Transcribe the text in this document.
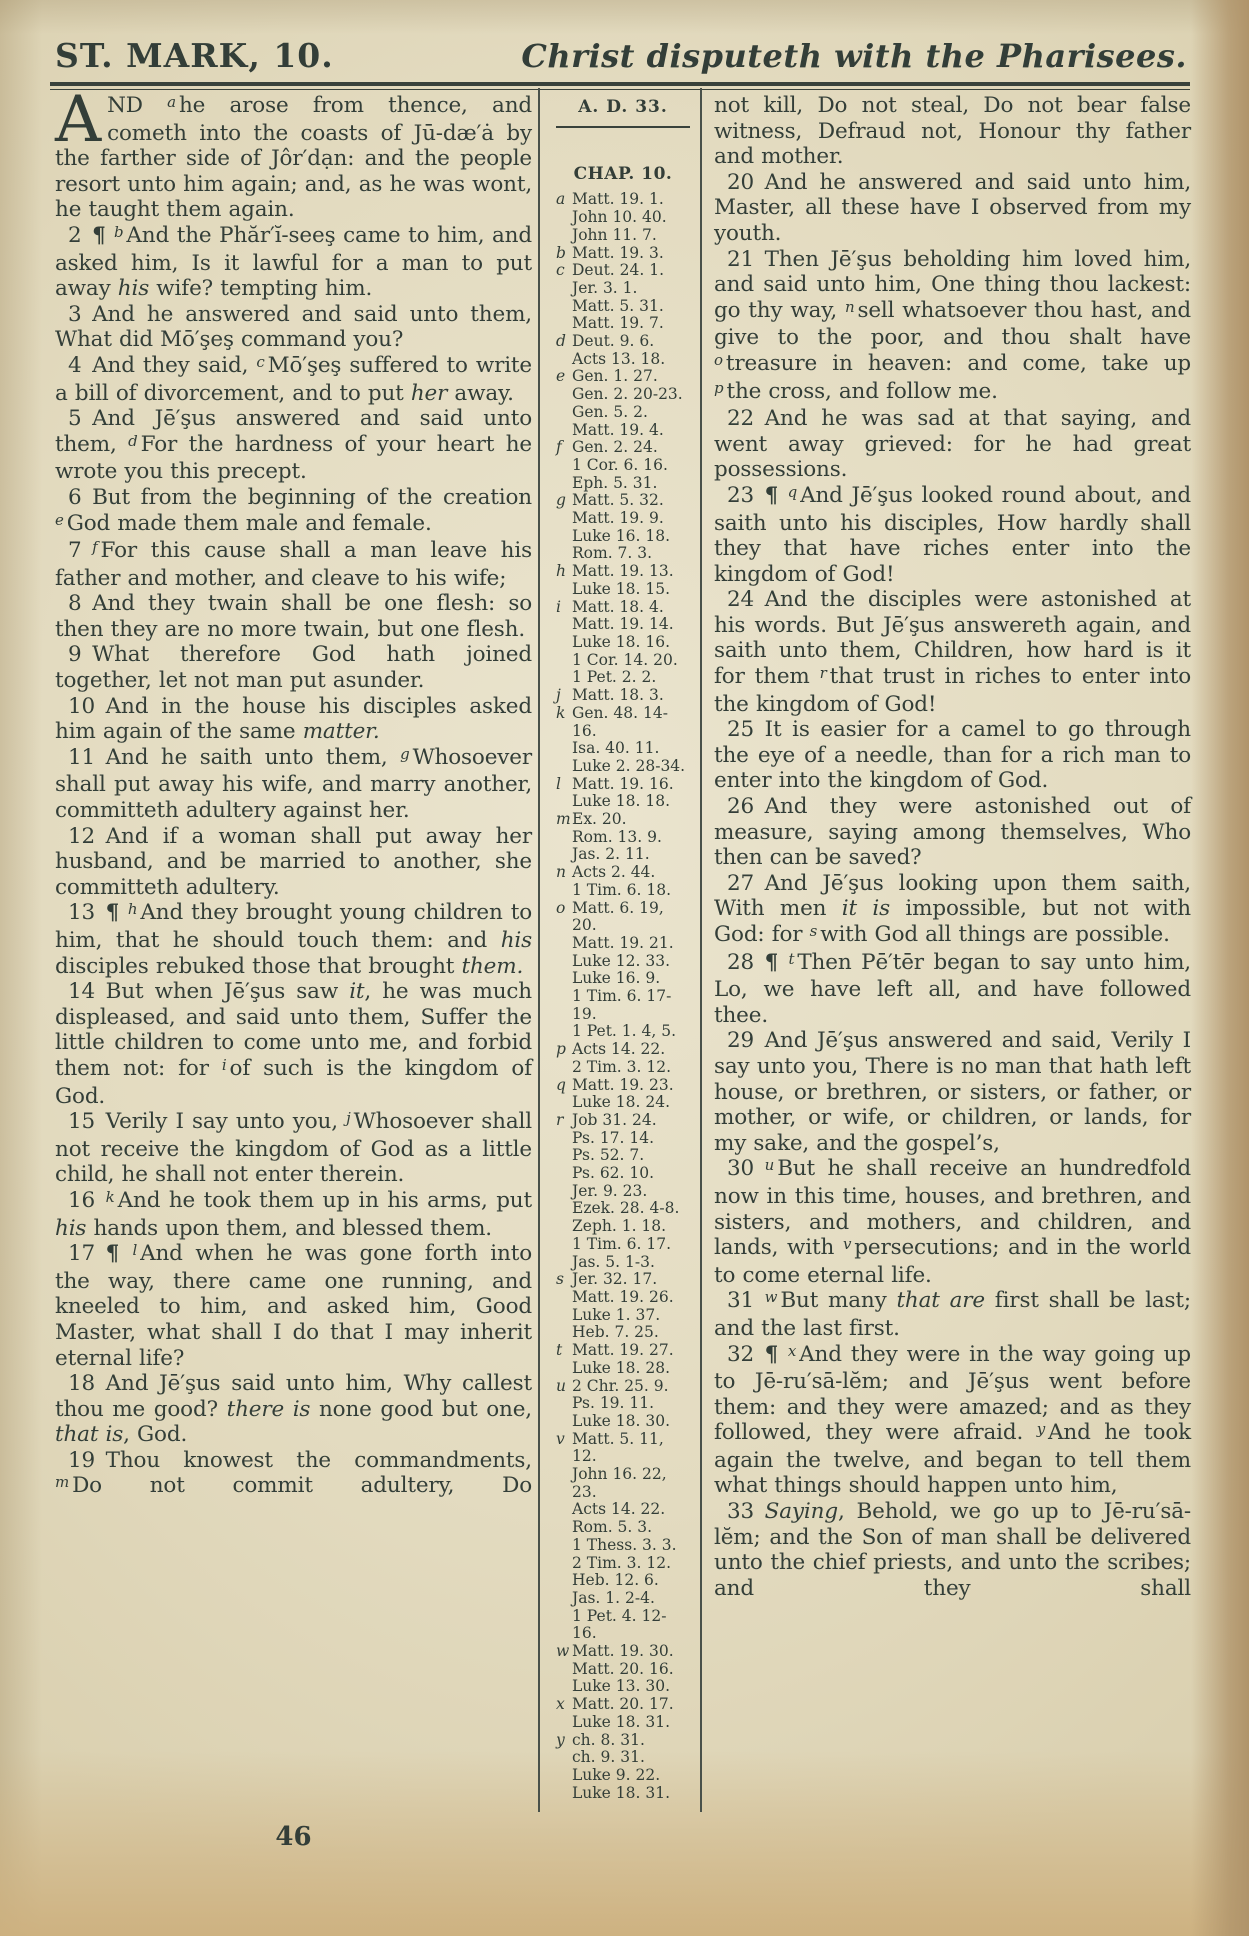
ST. MARK, 10.	Christ disputeth with the Pharisees.

AND $^a$ he arose from thence, and cometh into the coasts of Jū-dæ′ȧ by the farther side of Jôr′dạn: and the people resort unto him again; and, as he was wont, he taught them again.

2 ¶ $^b$ And the Phăr′ĭ-seeş came to him, and asked him, Is it lawful for a man to put away his wife? tempting him.

3 And he answered and said unto them, What did Mō′şeş command you?

4 And they said, $^c$ Mō′şeş suffered to write a bill of divorcement, and to put her away.

5 And Jē′şus answered and said unto them, $^d$ For the hardness of your heart he wrote you this precept.

6 But from the beginning of the creation $^e$ God made them male and female.

7 $^f$ For this cause shall a man leave his father and mother, and cleave to his wife;

8 And they twain shall be one flesh: so then they are no more twain, but one flesh.

9 What therefore God hath joined together, let not man put asunder.

10 And in the house his disciples asked him again of the same matter.

11 And he saith unto them, $^g$ Whosoever shall put away his wife, and marry another, committeth adultery against her.

12 And if a woman shall put away her husband, and be married to another, she committeth adultery.

13 ¶ $^h$ And they brought young children to him, that he should touch them: and his disciples rebuked those that brought them.

14 But when Jē′şus saw it, he was much displeased, and said unto them, Suffer the little children to come unto me, and forbid them not: for $^i$ of such is the kingdom of God.

15 Verily I say unto you, $^j$ Whosoever shall not receive the kingdom of God as a little child, he shall not enter therein.

16 $^k$ And he took them up in his arms, put his hands upon them, and blessed them.

17 ¶ $^l$ And when he was gone forth into the way, there came one running, and kneeled to him, and asked him, Good Master, what shall I do that I may inherit eternal life?

18 And Jē′şus said unto him, Why callest thou me good? there is none good but one, that is, God.

19 Thou knowest the commandments, $^m$ Do not commit adultery, Do

A. D. 33.
CHAP. 10.
a Matt. 19. 1.
John 10. 40.
John 11. 7.
b Matt. 19. 3.
c Deut. 24. 1.
Jer. 3. 1.
Matt. 5. 31.
Matt. 19. 7.
d Deut. 9. 6.
Acts 13. 18.
e Gen. 1. 27.
Gen. 2. 20-23.
Gen. 5. 2.
Matt. 19. 4.
f Gen. 2. 24.
1 Cor. 6. 16.
Eph. 5. 31.
g Matt. 5. 32.
Matt. 19. 9.
Luke 16. 18.
Rom. 7. 3.
h Matt. 19. 13.
Luke 18. 15.
i Matt. 18. 4.
Matt. 19. 14.
Luke 18. 16.
1 Cor. 14. 20.
1 Pet. 2. 2.
j Matt. 18. 3.
k Gen. 48. 14-
16.
Isa. 40. 11.
Luke 2. 28-34.
l Matt. 19. 16.
Luke 18. 18.
m Ex. 20.
Rom. 13. 9.
Jas. 2. 11.
n Acts 2. 44.
1 Tim. 6. 18.
o Matt. 6. 19,
20.
Matt. 19. 21.
Luke 12. 33.
Luke 16. 9.
1 Tim. 6. 17-
19.
1 Pet. 1. 4, 5.
p Acts 14. 22.
2 Tim. 3. 12.
q Matt. 19. 23.
Luke 18. 24.
r Job 31. 24.
Ps. 17. 14.
Ps. 52. 7.
Ps. 62. 10.
Jer. 9. 23.
Ezek. 28. 4-8.
Zeph. 1. 18.
1 Tim. 6. 17.
Jas. 5. 1-3.
s Jer. 32. 17.
Matt. 19. 26.
Luke 1. 37.
Heb. 7. 25.
t Matt. 19. 27.
Luke 18. 28.
u 2 Chr. 25. 9.
Ps. 19. 11.
Luke 18. 30.
v Matt. 5. 11,
12.
John 16. 22,
23.
Acts 14. 22.
Rom. 5. 3.
1 Thess. 3. 3.
2 Tim. 3. 12.
Heb. 12. 6.
Jas. 1. 2-4.
1 Pet. 4. 12-
16.
w Matt. 19. 30.
Matt. 20. 16.
Luke 13. 30.
x Matt. 20. 17.
Luke 18. 31.
y ch. 8. 31.
ch. 9. 31.
Luke 9. 22.
Luke 18. 31.

not kill, Do not steal, Do not bear false witness, Defraud not, Honour thy father and mother.

20 And he answered and said unto him, Master, all these have I observed from my youth.

21 Then Jē′şus beholding him loved him, and said unto him, One thing thou lackest: go thy way, $^n$ sell whatsoever thou hast, and give to the poor, and thou shalt have $^o$ treasure in heaven: and come, take up $^p$ the cross, and follow me.

22 And he was sad at that saying, and went away grieved: for he had great possessions.

23 ¶ $^q$ And Jē′şus looked round about, and saith unto his disciples, How hardly shall they that have riches enter into the kingdom of God!

24 And the disciples were astonished at his words. But Jē′şus answereth again, and saith unto them, Children, how hard is it for them $^r$ that trust in riches to enter into the kingdom of God!

25 It is easier for a camel to go through the eye of a needle, than for a rich man to enter into the kingdom of God.

26 And they were astonished out of measure, saying among themselves, Who then can be saved?

27 And Jē′şus looking upon them saith, With men it is impossible, but not with God: for $^s$ with God all things are possible.

28 ¶ $^t$ Then Pē′tēr began to say unto him, Lo, we have left all, and have followed thee.

29 And Jē′şus answered and said, Verily I say unto you, There is no man that hath left house, or brethren, or sisters, or father, or mother, or wife, or children, or lands, for my sake, and the gospel’s,

30 $^u$ But he shall receive an hundredfold now in this time, houses, and brethren, and sisters, and mothers, and children, and lands, with $^v$ persecutions; and in the world to come eternal life.

31 $^w$ But many that are first shall be last; and the last first.

32 ¶ $^x$ And they were in the way going up to Jē-ru′sā-lĕm; and Jē′şus went before them: and they were amazed; and as they followed, they were afraid. $^y$ And he took again the twelve, and began to tell them what things should happen unto him,

33 Saying, Behold, we go up to Jē-ru′sā-lĕm; and the Son of man shall be delivered unto the chief priests, and unto the scribes; and they shall

46
